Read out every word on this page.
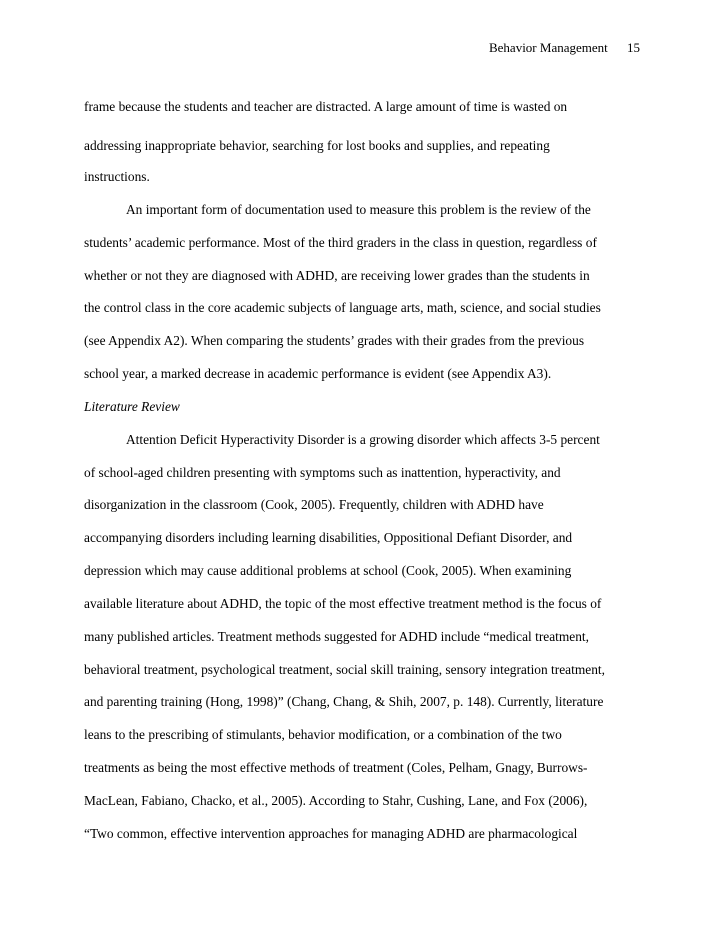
Behavior Management 15
frame because the students and teacher are distracted. A large amount of time is wasted on
addressing inappropriate behavior, searching for lost books and supplies, and repeating
instructions.
An important form of documentation used to measure this problem is the review of the
students’ academic performance. Most of the third graders in the class in question, regardless of
whether or not they are diagnosed with ADHD, are receiving lower grades than the students in
the control class in the core academic subjects of language arts, math, science, and social studies
(see Appendix A2). When comparing the students’ grades with their grades from the previous
school year, a marked decrease in academic performance is evident (see Appendix A3).
Literature Review
Attention Deficit Hyperactivity Disorder is a growing disorder which affects 3-5 percent
of school-aged children presenting with symptoms such as inattention, hyperactivity, and
disorganization in the classroom (Cook, 2005). Frequently, children with ADHD have
accompanying disorders including learning disabilities, Oppositional Defiant Disorder, and
depression which may cause additional problems at school (Cook, 2005). When examining
available literature about ADHD, the topic of the most effective treatment method is the focus of
many published articles. Treatment methods suggested for ADHD include “medical treatment,
behavioral treatment, psychological treatment, social skill training, sensory integration treatment,
and parenting training (Hong, 1998)” (Chang, Chang, & Shih, 2007, p. 148). Currently, literature
leans to the prescribing of stimulants, behavior modification, or a combination of the two
treatments as being the most effective methods of treatment (Coles, Pelham, Gnagy, Burrows-
MacLean, Fabiano, Chacko, et al., 2005). According to Stahr, Cushing, Lane, and Fox (2006),
“Two common, effective intervention approaches for managing ADHD are pharmacological
